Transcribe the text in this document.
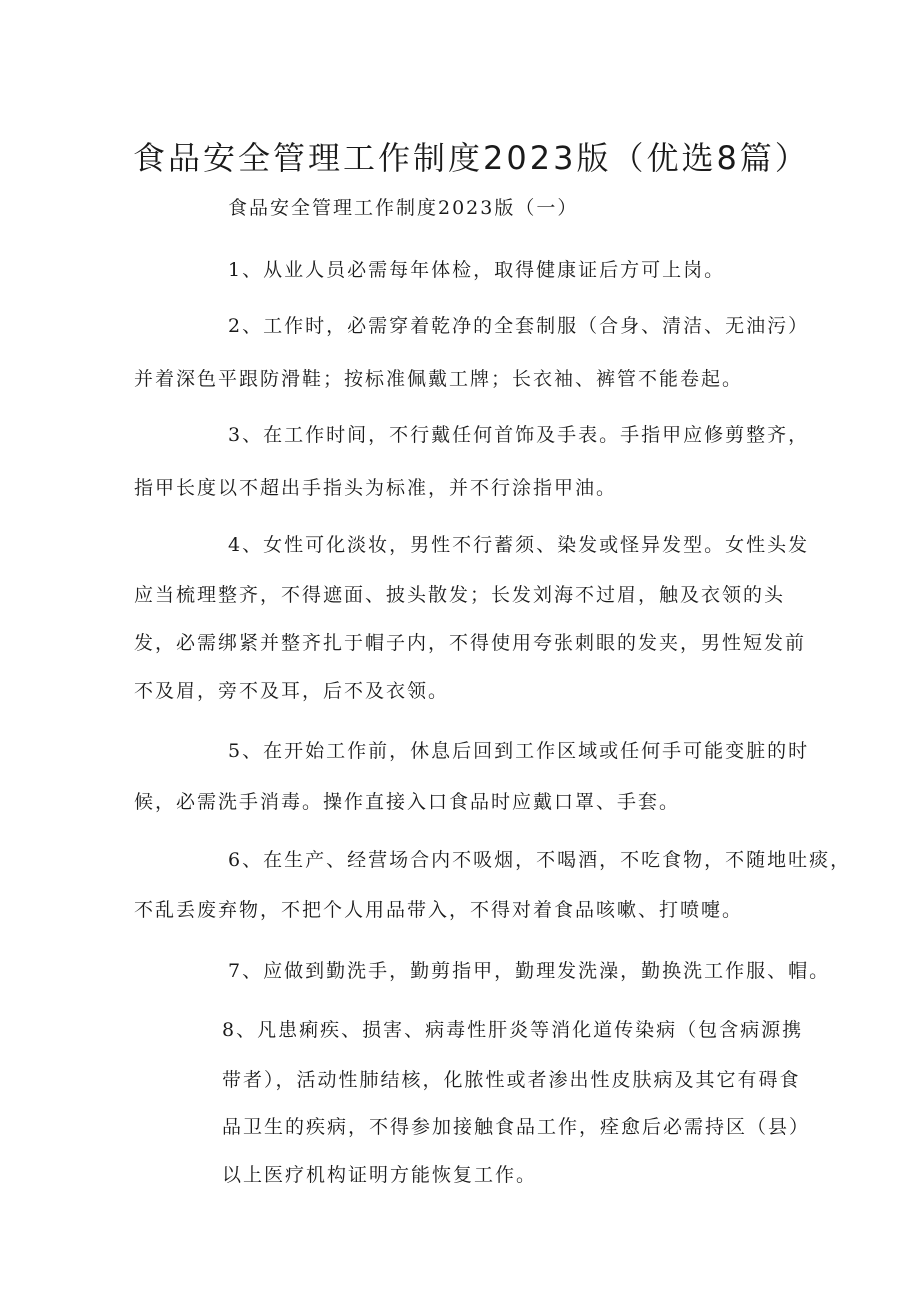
食品安全管理工作制度2023版（优选8篇）
食品安全管理工作制度2023版（一）
1、从业人员必需每年体检，取得健康证后方可上岗。
2、工作时，必需穿着乾净的全套制服（合身、清洁、无油污）
并着深色平跟防滑鞋；按标准佩戴工牌；长衣袖、裤管不能卷起。
3、在工作时间，不行戴任何首饰及手表。手指甲应修剪整齐，
指甲长度以不超出手指头为标准，并不行涂指甲油。
4、女性可化淡妆，男性不行蓄须、染发或怪异发型。女性头发
应当梳理整齐，不得遮面、披头散发；长发刘海不过眉，触及衣领的头
发，必需绑紧并整齐扎于帽子内，不得使用夸张刺眼的发夹，男性短发前
不及眉，旁不及耳，后不及衣领。
5、在开始工作前，休息后回到工作区域或任何手可能变脏的时
候，必需洗手消毒。操作直接入口食品时应戴口罩、手套。
6、在生产、经营场合内不吸烟，不喝酒，不吃食物，不随地吐痰，
不乱丢废弃物，不把个人用品带入，不得对着食品咳嗽、打喷嚏。
7、应做到勤洗手，勤剪指甲，勤理发洗澡，勤换洗工作服、帽。
8、凡患痢疾、损害、病毒性肝炎等消化道传染病（包含病源携
带者），活动性肺结核，化脓性或者渗出性皮肤病及其它有碍食
品卫生的疾病，不得参加接触食品工作，痊愈后必需持区（县）
以上医疗机构证明方能恢复工作。
